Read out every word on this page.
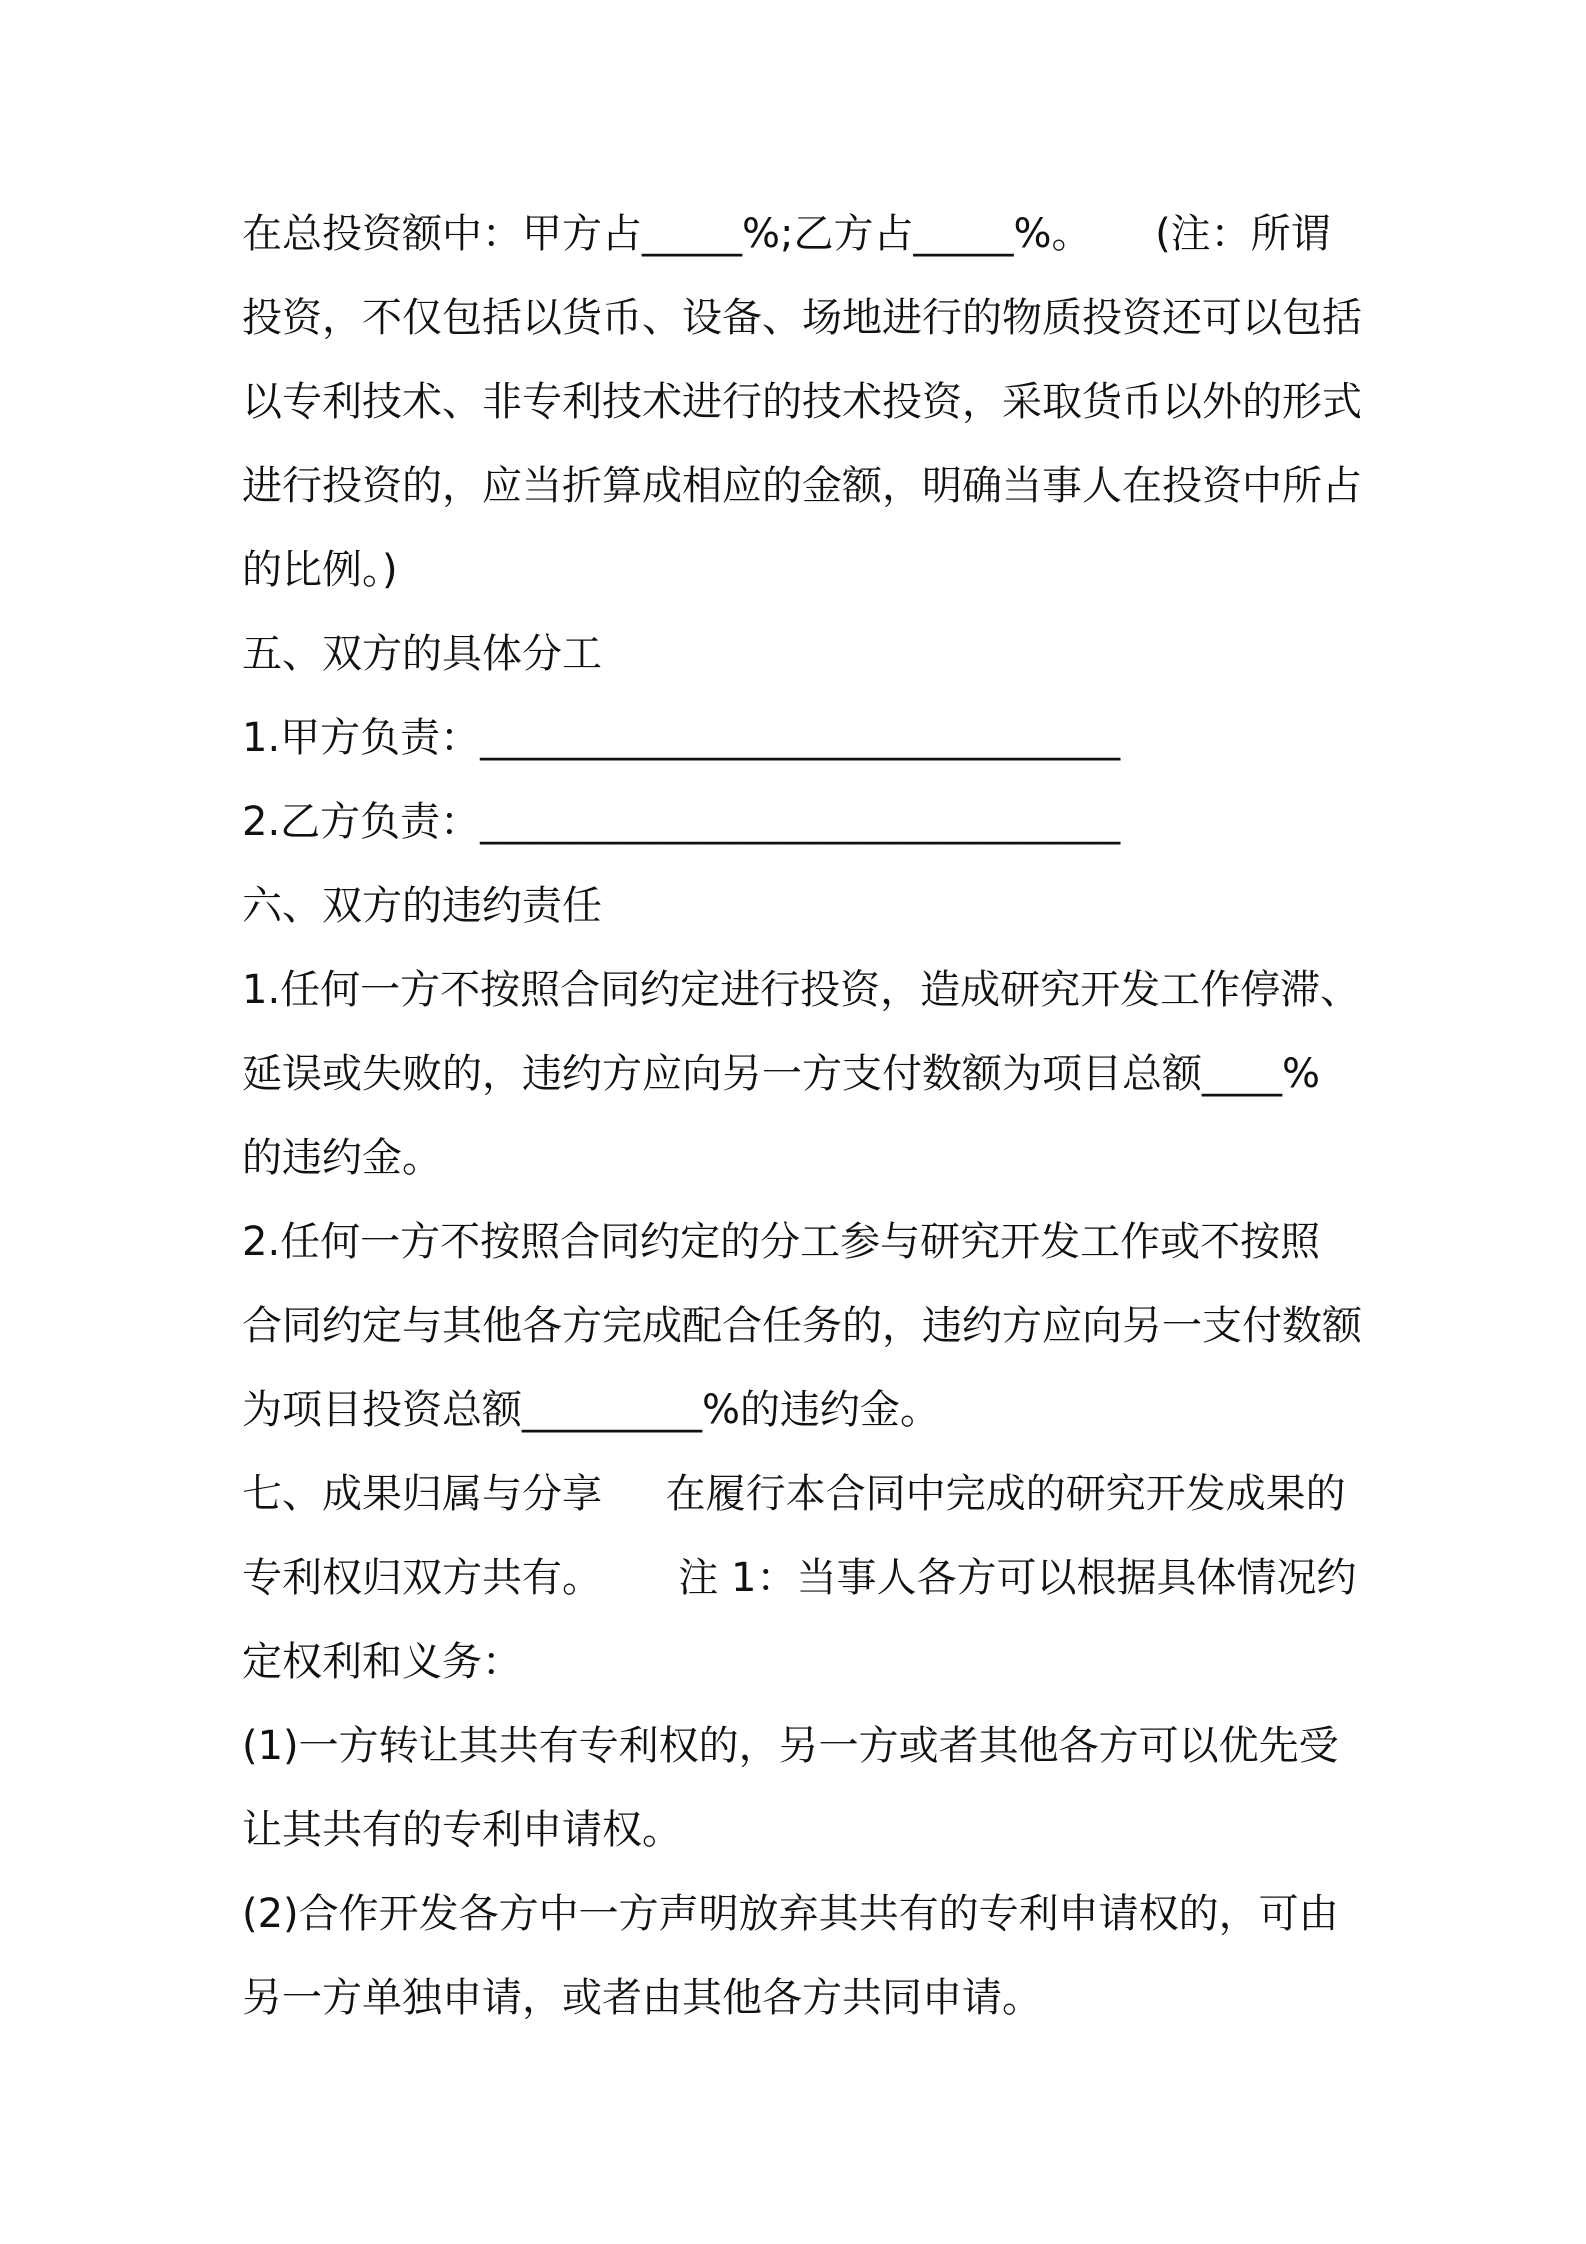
在总投资额中：甲方占_____%;乙方占_____%。     (注：所谓
投资，不仅包括以货币、设备、场地进行的物质投资还可以包括
以专利技术、非专利技术进行的技术投资，采取货币以外的形式
进行投资的，应当折算成相应的金额，明确当事人在投资中所占
的比例。)
五、双方的具体分工
1.甲方负责：________________________________
2.乙方负责：________________________________
六、双方的违约责任
1.任何一方不按照合同约定进行投资，造成研究开发工作停滞、
延误或失败的，违约方应向另一方支付数额为项目总额____%
的违约金。
2.任何一方不按照合同约定的分工参与研究开发工作或不按照
合同约定与其他各方完成配合任务的，违约方应向另一支付数额
为项目投资总额_________%的违约金。
七、成果归属与分享     在履行本合同中完成的研究开发成果的
专利权归双方共有。      注 1：当事人各方可以根据具体情况约
定权利和义务：
(1)一方转让其共有专利权的，另一方或者其他各方可以优先受
让其共有的专利申请权。
(2)合作开发各方中一方声明放弃其共有的专利申请权的，可由
另一方单独申请，或者由其他各方共同申请。
